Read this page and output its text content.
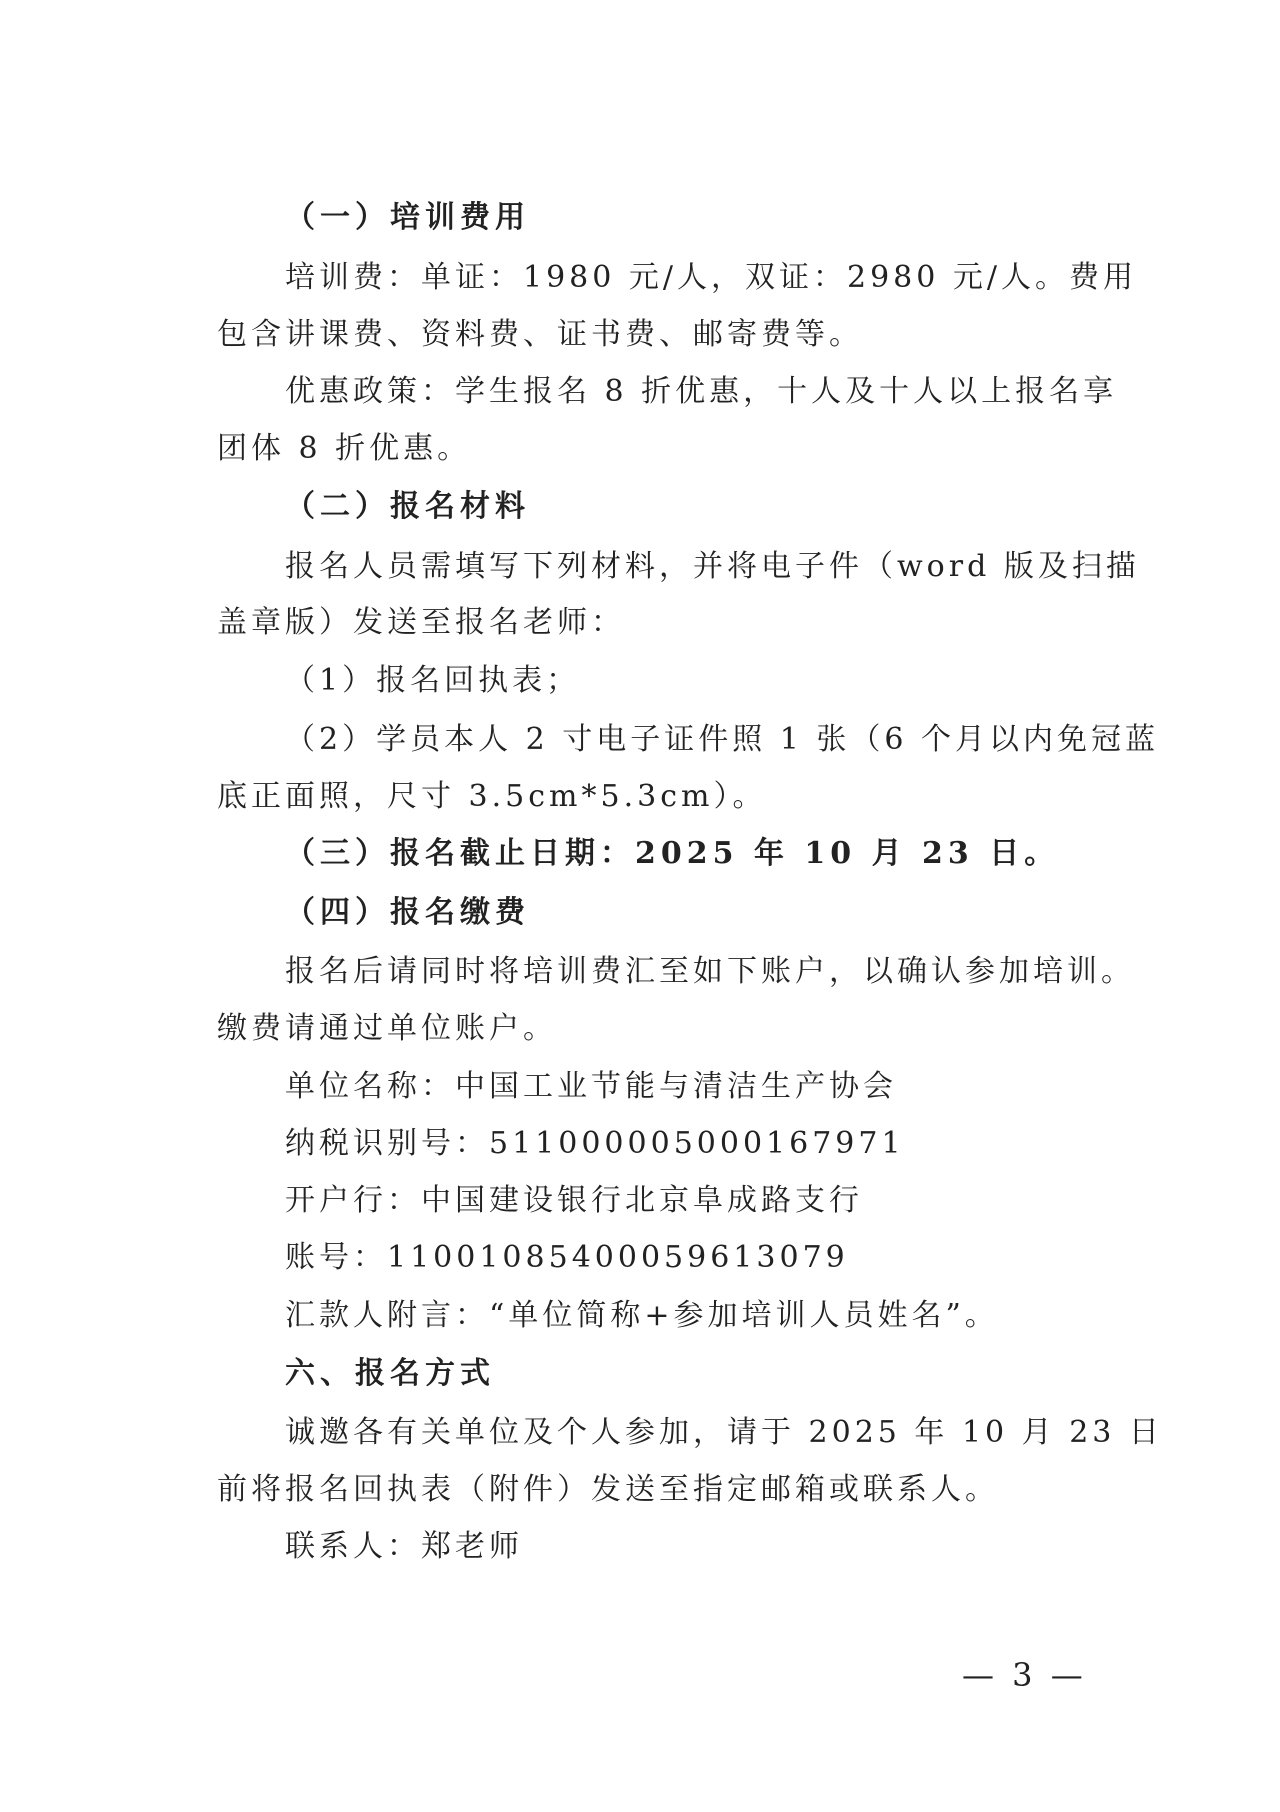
（一）培训费用
培训费：单证：1980 元/人，双证：2980 元/人。费用
包含讲课费、资料费、证书费、邮寄费等。
优惠政策：学生报名 8 折优惠，十人及十人以上报名享
团体 8 折优惠。
（二）报名材料
报名人员需填写下列材料，并将电子件（word 版及扫描
盖章版）发送至报名老师：
（1）报名回执表；
（2）学员本人 2 寸电子证件照 1 张（6 个月以内免冠蓝
底正面照，尺寸 3.5cm*5.3cm）。
（三）报名截止日期：2025 年 10 月 23 日。
（四）报名缴费
报名后请同时将培训费汇至如下账户，以确认参加培训。
缴费请通过单位账户。
单位名称：中国工业节能与清洁生产协会
纳税识别号：511000005000167971
开户行：中国建设银行北京阜成路支行
账号：11001085400059613079
汇款人附言：“单位简称+参加培训人员姓名”。
六、报名方式
诚邀各有关单位及个人参加，请于 2025 年 10 月 23 日
前将报名回执表（附件）发送至指定邮箱或联系人。
联系人：郑老师
— 3 —
